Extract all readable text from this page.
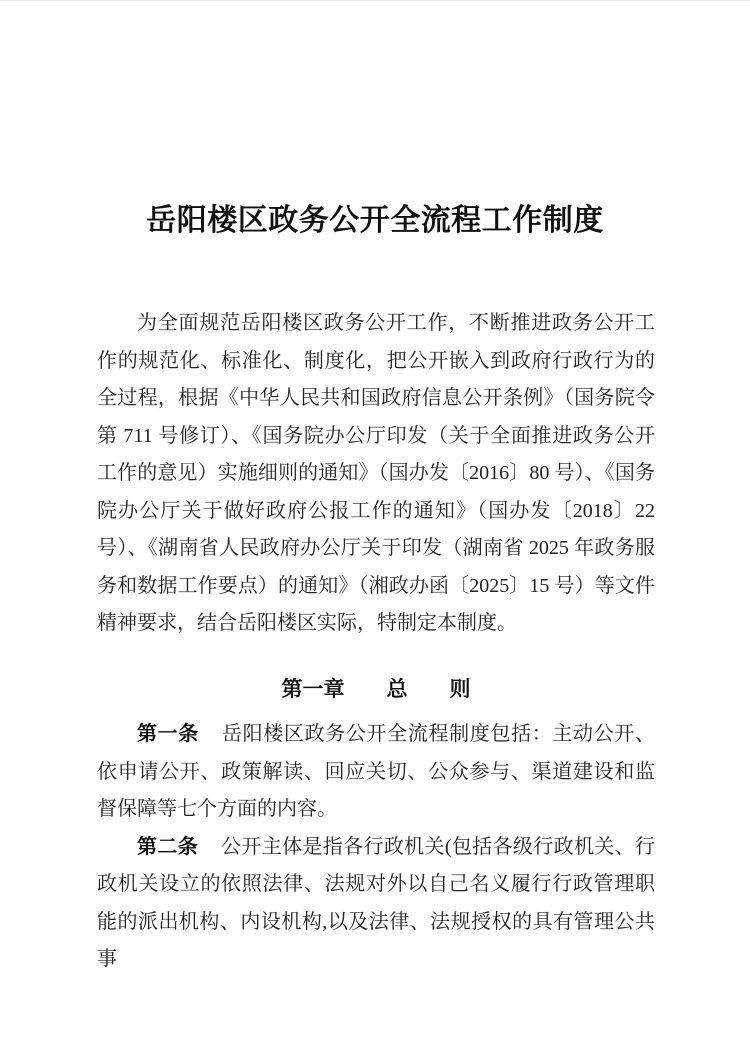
岳阳楼区政务公开全流程工作制度

为全面规范岳阳楼区政务公开工作，不断推进政务公开工作的规范化、标准化、制度化，把公开嵌入到政府行政行为的全过程，根据《中华人民共和国政府信息公开条例》（国务院令第 711 号修订）、《国务院办公厅印发（关于全面推进政务公开工作的意见）实施细则的通知》（国办发〔2016〕80 号）、《国务院办公厅关于做好政府公报工作的通知》（国办发〔2018〕22 号）、《湖南省人民政府办公厅关于印发（湖南省 2025 年政务服务和数据工作要点）的通知》（湘政办函〔2025〕15 号）等文件精神要求，结合岳阳楼区实际，特制定本制度。

第一章　　总　　则

第一条 岳阳楼区政务公开全流程制度包括：主动公开、依申请公开、政策解读、回应关切、公众参与、渠道建设和监督保障等七个方面的内容。

第二条 公开主体是指各行政机关(包括各级行政机关、行政机关设立的依照法律、法规对外以自己名义履行行政管理职能的派出机构、内设机构,以及法律、法规授权的具有管理公共事
